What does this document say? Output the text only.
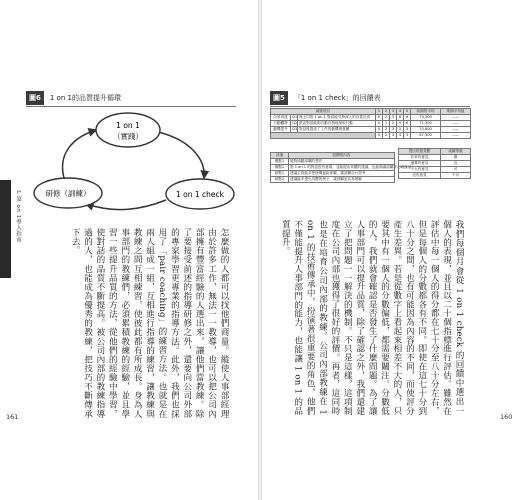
1 第 on 1導入指南
圖6	1 on 1的品質提升循環
1 on 1
（實踐）
研修（訓練）	1 on 1 check
怎麼做的人都可以找他們商量。縱使人事部經理由於許多工作，無法一一教導，也可以把公司內部擁有豐富經驗的人選出來，讓他們當教練。除了要接受前述的指導研修之外，還要向公司外部的專家學習更專業的指導方法。此外，我們也採用了「pair coaching」的練習方法。也就是在兩人組成一組，互相進行指導的練習，讓教練與教練之間互相練習，使彼此都有所成長。身為人事部門的教練們，必須累積教練的經驗，並且學習一些提升品質的方法，從他們的經驗中學習，使對話的品質不斷提高。被公司內部的教練指導過的人，也能成為優秀的教練，把技巧不斷傳承下去。
161
圖5	「1 on 1 check」的回饋表
調查項目			1	2	3	4	5	前期的平均	業績平均值
內省到達	Q1	與上司的 1 on 1 對話能引發深入的自我反省	0	2	3	8	9	73,200	——
行動觸發	Q2	經由對話能夠自動自發地採取行動	0	1	2	9	6	71,300	——
動機提升	Q3	對話後提高了工作的動機與意願	0	2	3	5	3	70,800	——
			0	2	3	4	5	67,300	——
評論	回饋的內容
優點1	能夠傾聽部屬的想法
優點2	對 1 on 1 的對話很有意義，並能提出具體的建議，也能夠讓部屬安心地說話
缺點1	建議主管能多把時間留給部屬，讓部屬自行思考
缺點2	建議能多提出具體的例子，讓部屬更容易理解
提出的意見數	成績等級
非常有意見	優
還算有意見	良
不太有意見	可
沒有意見	不可
我們每個月會從 1 on 1 check 的回饋中選出一個人的表現，並且以二十個指標進行評估。雖然在評估中每一個人的得分都在七十分至八十分左右，但是每個人的分數都各有不同。即使在這七十分到八十分之間，也有可能因為內容的不同，而使評分產生差異。若是從數字上看起來相差不大的人，只要其中有一個人的分數偏低，都需要關注。分數低的人，我們就會確認是否發生了什麼問題。為了讓人事部門可以提升品質，除了確認之外，我們還建立了把問題一一解決的機制。不只是這樣，這項制度在公司內部也獲得了很好的評價。再者，這同時也是在培育公司內部的教練。公司內部教練在 1 on 1 的技術傳承中，扮演著很重要的角色，他們不僅能提升人事部門的能力，也能讓 1 on 1 的品質提升。
160
